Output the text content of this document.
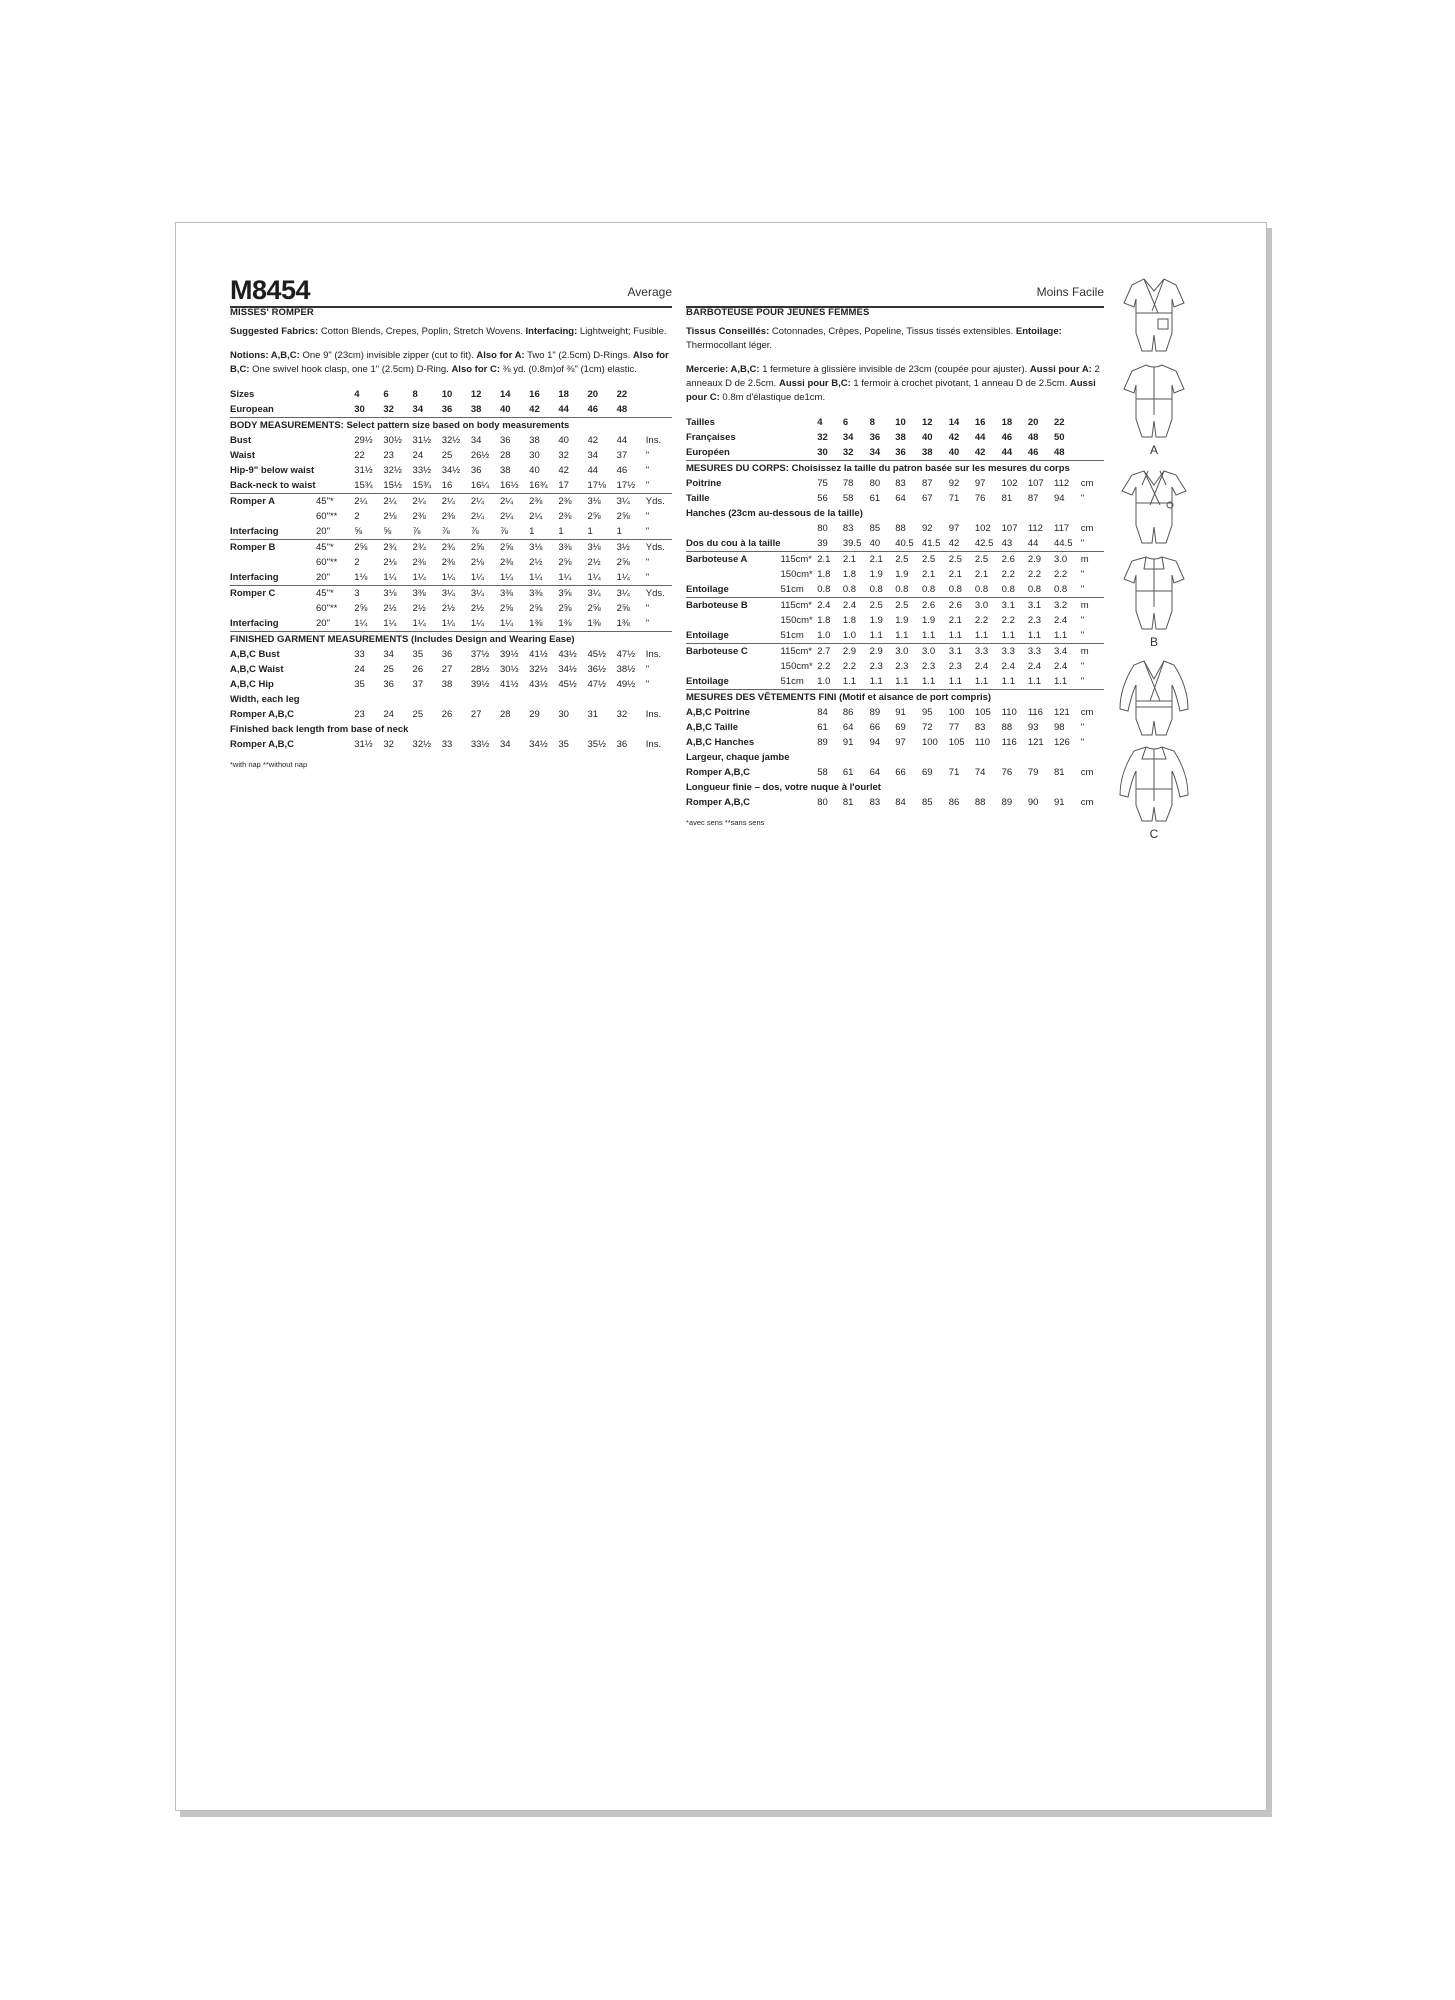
M8454	Average	Moins Facile
MISSES' ROMPER

Suggested Fabrics: Cotton Blends, Crepes, Poplin, Stretch Wovens. Interfacing: Lightweight; Fusible.

Notions: A,B,C: One 9" (23cm) invisible zipper (cut to fit). Also for A: Two 1" (2.5cm) D-Rings. Also for B,C: One swivel hook clasp, one 1" (2.5cm) D-Ring. Also for C: ⅜ yd. (0.8m)of ⅜" (1cm) elastic.

Sizes		4	6	8	10	12	14	16	18	20	22	
European		30	32	34	36	38	40	42	44	46	48	
BODY MEASUREMENTS: Select pattern size based on body measurements												
Bust		29½	30½	31½	32½	34	36	38	40	42	44	Ins.
Waist		22	23	24	25	26½	28	30	32	34	37	"
Hip-9" below waist		31½	32½	33½	34½	36	38	40	42	44	46	"
Back-neck to waist		15¾	15½	15¾	16	16¼	16½	16¾	17	17⅛	17½	"
Romper A	45"*	2¼	2¼	2¼	2¼	2¼	2¼	2⅜	2⅜	3⅛	3¼	Yds.
	60"**	2	2⅛	2⅜	2⅜	2¼	2¼	2¼	2⅜	2⅝	2⅝	"
Interfacing	20"	⅝	⅝	⅞	⅞	⅞	⅞	1	1	1	1	"
Romper B	45"*	2⅝	2¾	2¾	2¾	2⅝	2⅝	3⅛	3⅜	3⅛	3½	Yds.
	60"**	2	2⅛	2⅜	2⅜	2⅛	2⅜	2½	2⅝	2½	2⅝	"
Interfacing	20"	1⅛	1¼	1¼	1¼	1¼	1¼	1¼	1¼	1¼	1¼	"
Romper C	45"*	3	3⅛	3⅜	3¼	3¼	3⅜	3⅜	3⅝	3¼	3¼	Yds.
	60"**	2⅝	2½	2½	2½	2½	2⅝	2⅝	2⅝	2⅝	2⅝	"
Interfacing	20"	1¼	1¼	1¼	1¼	1¼	1¼	1⅜	1⅜	1⅜	1⅜	"
FINISHED GARMENT MEASUREMENTS (Includes Design and Wearing Ease)												
A,B,C Bust		33	34	35	36	37½	39½	41½	43½	45½	47½	Ins.
A,B,C Waist		24	25	26	27	28½	30½	32½	34½	36½	38½	"
A,B,C Hip		35	36	37	38	39½	41½	43½	45½	47½	49½	"
Width, each leg												
Romper A,B,C		23	24	25	26	27	28	29	30	31	32	Ins.
Finished back length from base of neck												
Romper A,B,C		31½	32	32½	33	33½	34	34½	35	35½	36	Ins.
*with nap **without nap
BARBOTEUSE POUR JEUNES FEMMES

Tissus Conseillés: Cotonnades, Crêpes, Popeline, Tissus tissés extensibles. Entoilage: Thermocollant léger.

Mercerie: A,B,C: 1 fermeture à glissière invisible de 23cm (coupée pour ajuster). Aussi pour A: 2 anneaux D de 2.5cm. Aussi pour B,C: 1 fermoir à crochet pivotant, 1 anneau D de 2.5cm. Aussi pour C: 0.8m d'élastique de1cm.

Tailles		4	6	8	10	12	14	16	18	20	22	
Françaises		32	34	36	38	40	42	44	46	48	50	
Européen		30	32	34	36	38	40	42	44	46	48	
MESURES DU CORPS: Choisissez la taille du patron basée sur les mesures du corps												
Poitrine		75	78	80	83	87	92	97	102	107	112	cm
Taille		56	58	61	64	67	71	76	81	87	94	"
Hanches (23cm au-dessous de la taille)												
		80	83	85	88	92	97	102	107	112	117	cm
Dos du cou à la taille		39	39.5	40	40.5	41.5	42	42.5	43	44	44.5	"
Barboteuse A	115cm*	2.1	2.1	2.1	2.5	2.5	2.5	2.5	2.6	2.9	3.0	m
	150cm*	1.8	1.8	1.9	1.9	2.1	2.1	2.1	2.2	2.2	2.2	"
Entoilage	51cm	0.8	0.8	0.8	0.8	0.8	0.8	0.8	0.8	0.8	0.8	"
Barboteuse B	115cm*	2.4	2.4	2.5	2.5	2.6	2.6	3.0	3.1	3.1	3.2	m
	150cm*	1.8	1.8	1.9	1.9	1.9	2.1	2.2	2.2	2.3	2.4	"
Entoilage	51cm	1.0	1.0	1.1	1.1	1.1	1.1	1.1	1.1	1.1	1.1	"
Barboteuse C	115cm*	2.7	2.9	2.9	3.0	3.0	3.1	3.3	3.3	3.3	3.4	m
	150cm*	2.2	2.2	2.3	2.3	2.3	2.3	2.4	2.4	2.4	2.4	"
Entoilage	51cm	1.0	1.1	1.1	1.1	1.1	1.1	1.1	1.1	1.1	1.1	"
MESURES DES VÊTEMENTS FINI (Motif et aisance de port compris)												
A,B,C Poitrine		84	86	89	91	95	100	105	110	116	121	cm
A,B,C Taille		61	64	66	69	72	77	83	88	93	98	"
A,B,C Hanches		89	91	94	97	100	105	110	116	121	126	"
Largeur, chaque jambe												
Romper A,B,C		58	61	64	66	69	71	74	76	79	81	cm
Longueur finie – dos, votre nuque à l'ourlet												
Romper A,B,C		80	81	83	84	85	86	88	89	90	91	cm
*avec sens **sans sens
A
B
C
